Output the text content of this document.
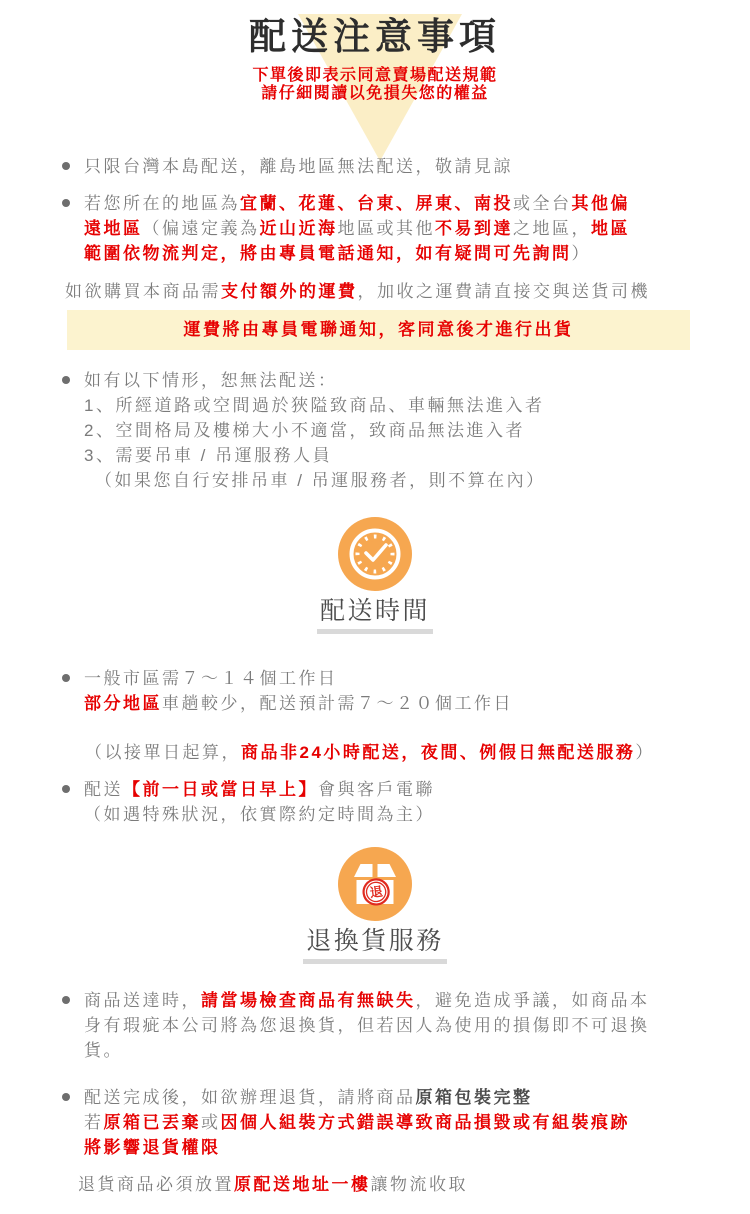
配送注意事項
下單後即表示同意賣場配送規範
請仔細閱讀以免損失您的權益
只限台灣本島配送，離島地區無法配送，敬請見諒
若您所在的地區為宜蘭、花蓮、台東、屏東、南投或全台其他偏
遠地區（偏遠定義為近山近海地區或其他不易到達之地區，地區
範圍依物流判定，將由專員電話通知，如有疑問可先詢問）
如欲購買本商品需支付額外的運費，加收之運費請直接交與送貨司機
運費將由專員電聯通知，客同意後才進行出貨
如有以下情形，恕無法配送：
1、所經道路或空間過於狹隘致商品、車輛無法進入者
2、空間格局及樓梯大小不適當，致商品無法進入者
3、需要吊車 / 吊運服務人員
　（如果您自行安排吊車 / 吊運服務者，則不算在內）
配送時間
一般市區需７～１４個工作日
部分地區車趟較少，配送預計需７～２０個工作日
（以接單日起算，商品非24小時配送，夜間、例假日無配送服務）
配送【前一日或當日早上】會與客戶電聯
（如遇特殊狀況，依實際約定時間為主）
退
退換貨服務
商品送達時，請當場檢查商品有無缺失，避免造成爭議，如商品本
身有瑕疵本公司將為您退換貨，但若因人為使用的損傷即不可退換
貨。
配送完成後，如欲辦理退貨，請將商品原箱包裝完整
若原箱已丟棄或因個人組裝方式錯誤導致商品損毀或有組裝痕跡
將影響退貨權限
退貨商品必須放置原配送地址一樓讓物流收取
